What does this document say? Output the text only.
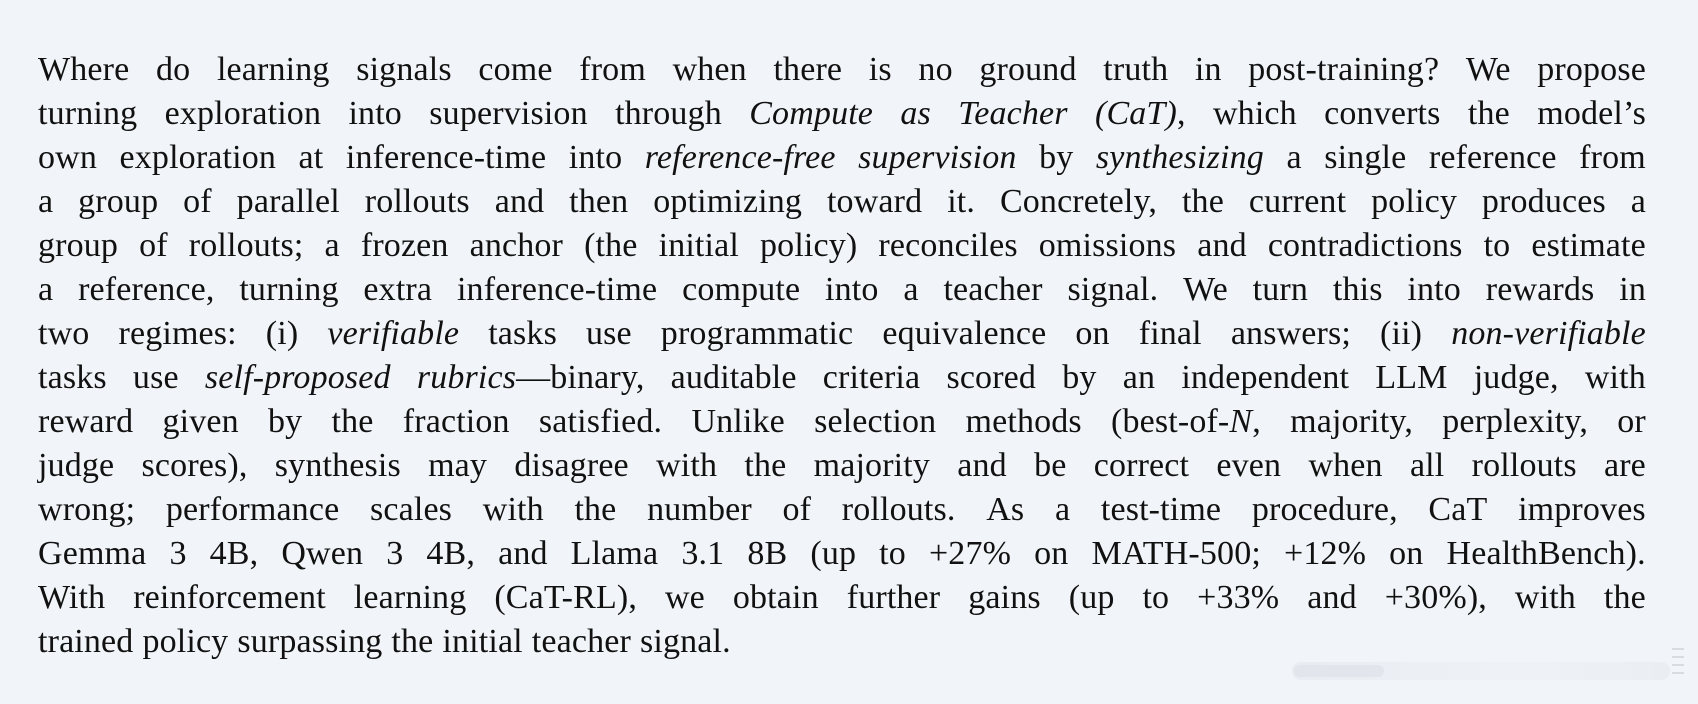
Where do learning signals come from when there is no ground truth in post-training? We propose
turning exploration into supervision through Compute as Teacher (CaT), which converts the model’s
own exploration at inference-time into reference-free supervision by synthesizing a single reference from
a group of parallel rollouts and then optimizing toward it. Concretely, the current policy produces a
group of rollouts; a frozen anchor (the initial policy) reconciles omissions and contradictions to estimate
a reference, turning extra inference-time compute into a teacher signal. We turn this into rewards in
two regimes: (i) verifiable tasks use programmatic equivalence on final answers; (ii) non-verifiable
tasks use self-proposed rubrics—binary, auditable criteria scored by an independent LLM judge, with
reward given by the fraction satisfied. Unlike selection methods (best-of-N, majority, perplexity, or
judge scores), synthesis may disagree with the majority and be correct even when all rollouts are
wrong; performance scales with the number of rollouts. As a test-time procedure, CaT improves
Gemma 3 4B, Qwen 3 4B, and Llama 3.1 8B (up to +27% on MATH-500; +12% on HealthBench).
With reinforcement learning (CaT-RL), we obtain further gains (up to +33% and +30%), with the
trained policy surpassing the initial teacher signal.
